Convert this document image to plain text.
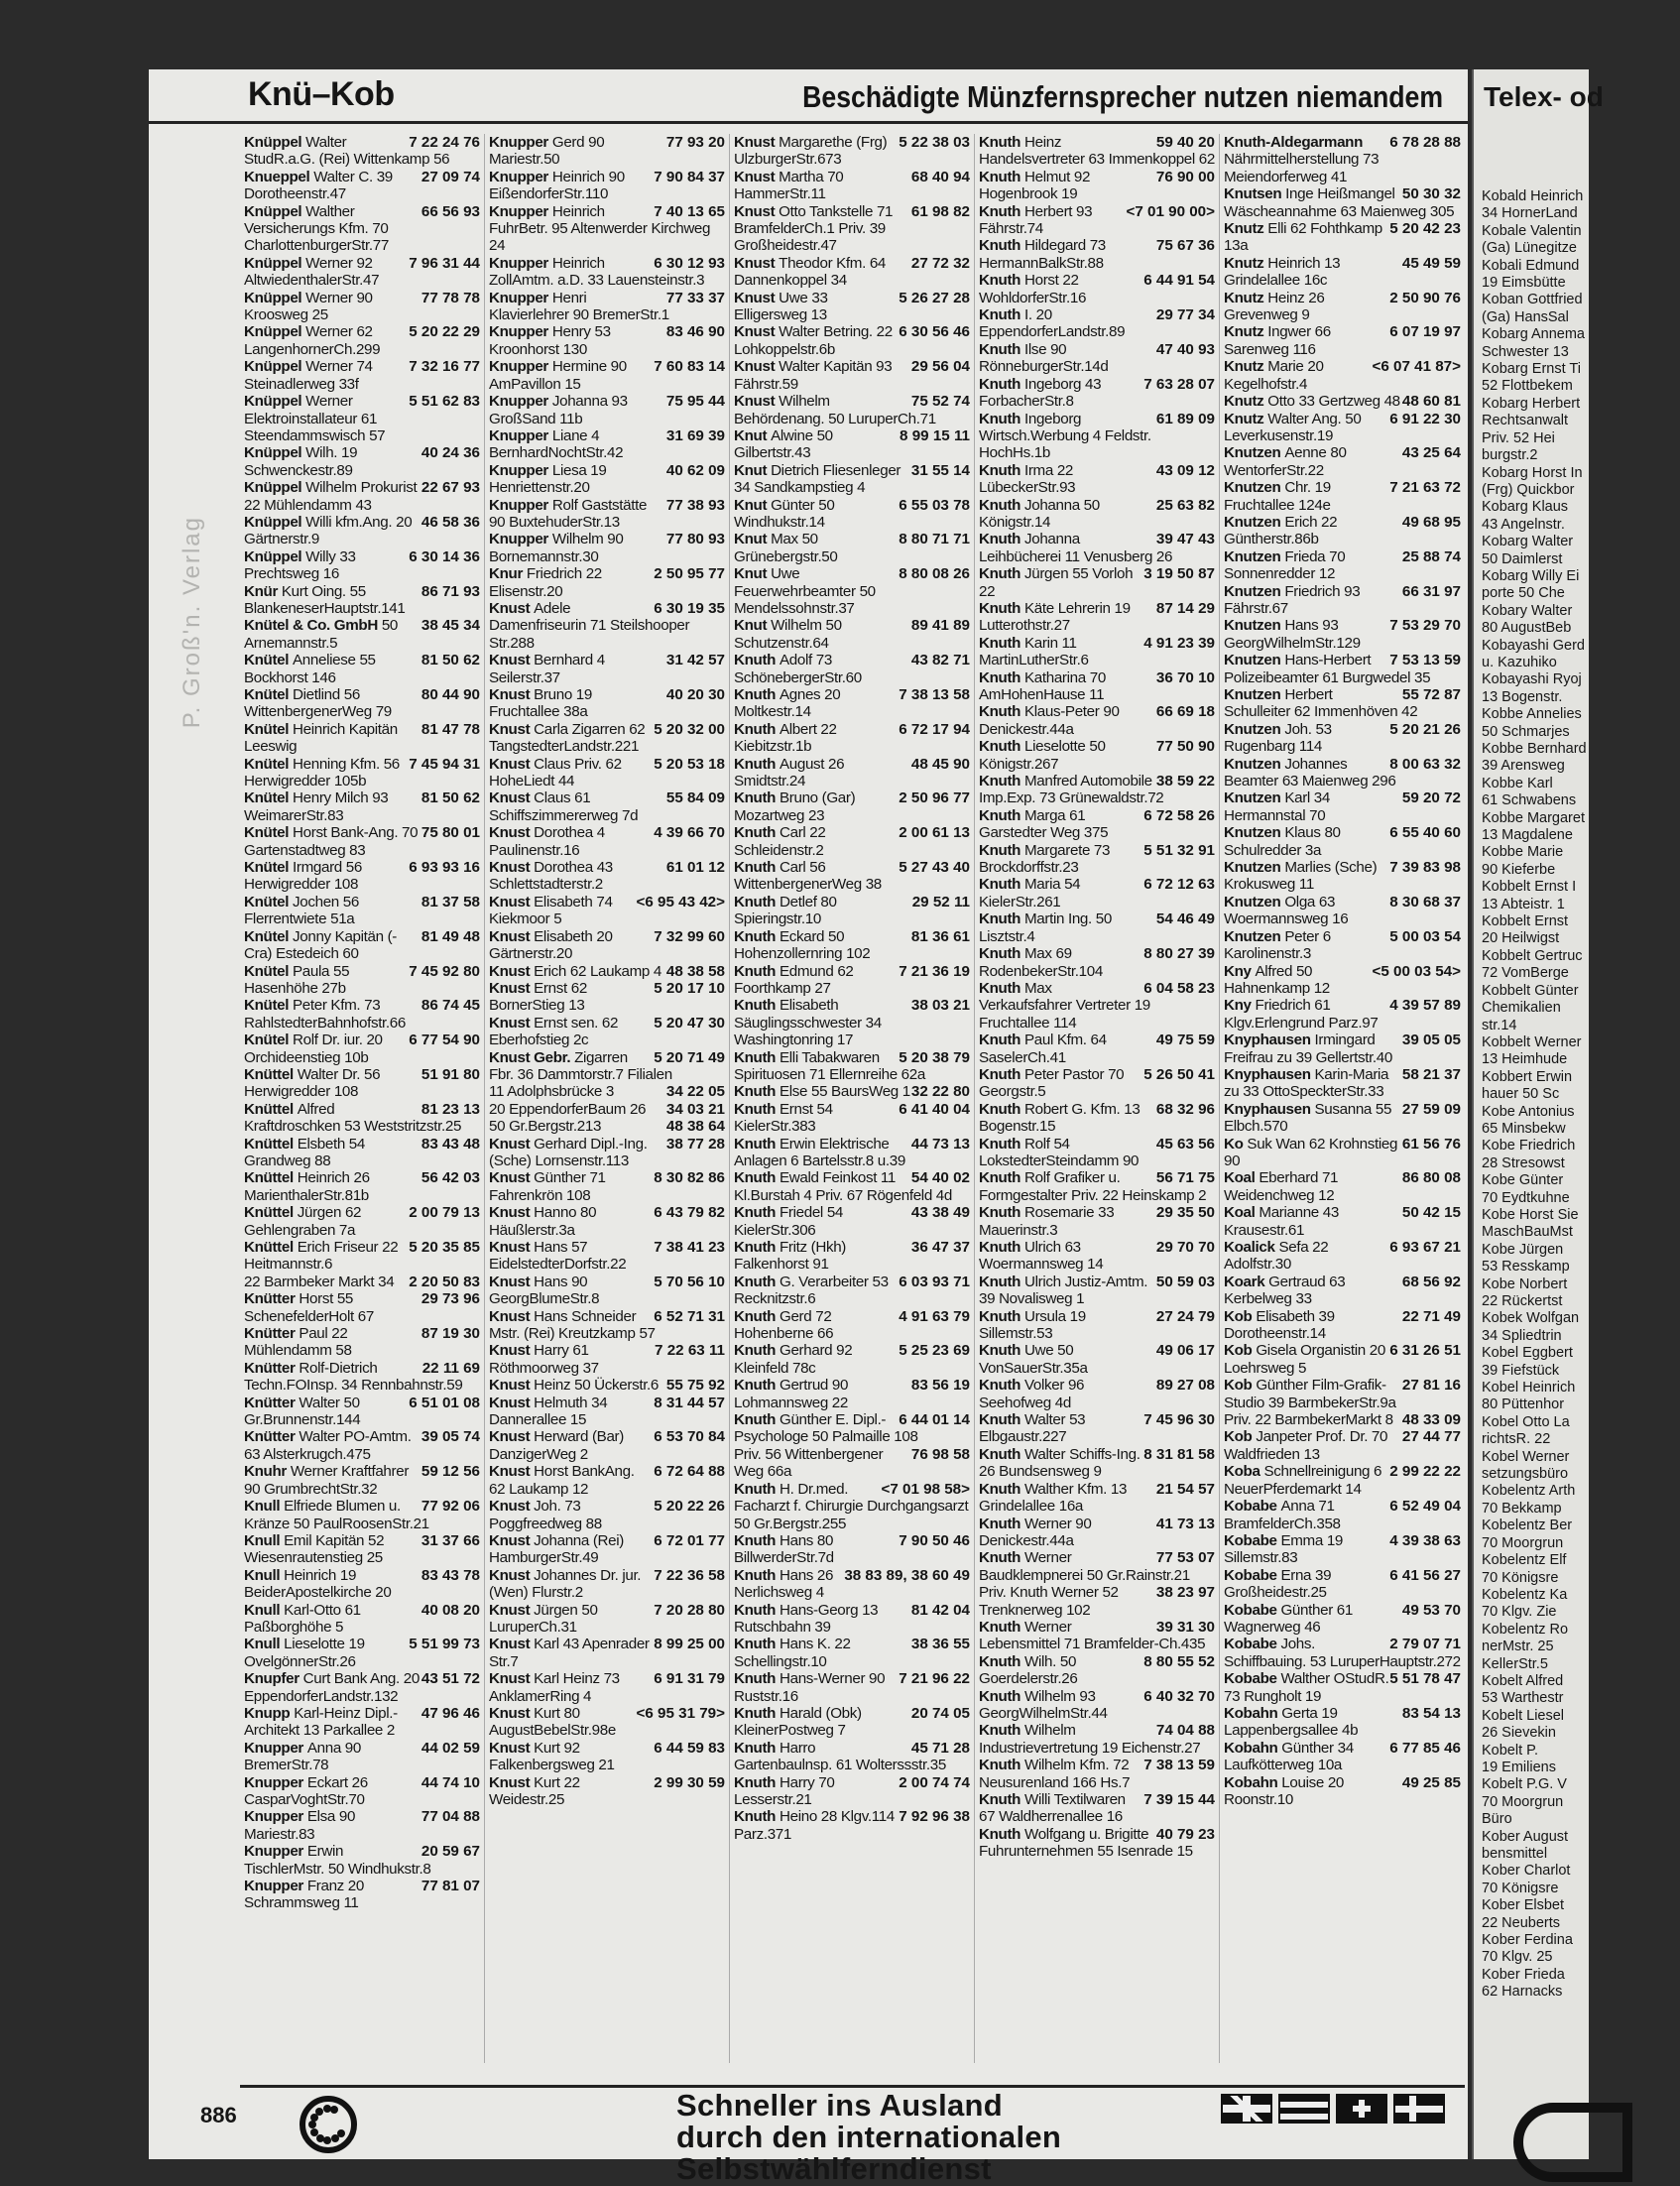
Knü–Kob	Beschädigte Münzfernsprecher nutzen niemandem
P. Groß'n. Verlag
7 22 24 76
Knüppel Walter StudR.a.G. (Rei) Wittenkamp 56
27 09 74
Knueppel Walter C. 39 Dorotheenstr.47
66 56 93
Knüppel Walther Versicherungs Kfm. 70 CharlottenburgerStr.77
7 96 31 44
Knüppel Werner 92 AltwiedenthalerStr.47
77 78 78
Knüppel Werner 90 Kroosweg 25
5 20 22 29
Knüppel Werner 62 LangenhornerCh.299
7 32 16 77
Knüppel Werner 74 Steinadlerweg 33f
5 51 62 83
Knüppel Werner Elektroinstallateur 61 Steendammswisch 57
40 24 36
Knüppel Wilh. 19 Schwenckestr.89
22 67 93
Knüppel Wilhelm Prokurist 22 Mühlendamm 43
46 58 36
Knüppel Willi kfm.Ang. 20 Gärtnerstr.9
6 30 14 36
Knüppel Willy 33 Prechtsweg 16
86 71 93
Knür Kurt Oing. 55 BlankeneserHauptstr.141
38 45 34
Knütel & Co. GmbH 50 Arnemannstr.5
81 50 62
Knütel Anneliese 55 Bockhorst 146
80 44 90
Knütel Dietlind 56 WittenbergenerWeg 79
81 47 78
Knütel Heinrich Kapitän Leeswig
7 45 94 31
Knütel Henning Kfm. 56 Herwigredder 105b
81 50 62
Knütel Henry Milch 93 WeimarerStr.83
75 80 01
Knütel Horst Bank-Ang. 70 Gartenstadtweg 83
6 93 93 16
Knütel Irmgard 56 Herwigredder 108
81 37 58
Knütel Jochen 56 Flerrentwiete 51a
81 49 48
Knütel Jonny Kapitän (-Cra) Estedeich 60
7 45 92 80
Knütel Paula 55 Hasenhöhe 27b
86 74 45
Knütel Peter Kfm. 73 RahlstedterBahnhofstr.66
6 77 54 90
Knütel Rolf Dr. iur. 20 Orchideenstieg 10b
51 91 80
Knüttel Walter Dr. 56 Herwigredder 108
81 23 13
Knüttel Alfred Kraftdroschken 53 Weststritzstr.25
83 43 48
Knüttel Elsbeth 54 Grandweg 88
56 42 03
Knüttel Heinrich 26 MarienthalerStr.81b
2 00 79 13
Knüttel Jürgen 62 Gehlengraben 7a
5 20 35 85
Knüttel Erich Friseur 22 Heitmannstr.6
2 20 50 83
22 Barmbeker Markt 34
29 73 96
Knütter Horst 55 SchenefelderHolt 67
87 19 30
Knütter Paul 22 Mühlendamm 58
22 11 69
Knütter Rolf-Dietrich Techn.FOInsp. 34 Rennbahnstr.59
6 51 01 08
Knütter Walter 50 Gr.Brunnenstr.144
39 05 74
Knütter Walter PO-Amtm. 63 Alsterkrugch.475
59 12 56
Knuhr Werner Kraftfahrer 90 GrumbrechtStr.32
77 92 06
Knull Elfriede Blumen u. Kränze 50 PaulRoosenStr.21
31 37 66
Knull Emil Kapitän 52 Wiesenrautenstieg 25
83 43 78
Knull Heinrich 19 BeiderApostelkirche 20
40 08 20
Knull Karl-Otto 61 Paßborghöhe 5
5 51 99 73
Knull Lieselotte 19 OvelgönnerStr.26
43 51 72
Knupfer Curt Bank Ang. 20 EppendorferLandstr.132
47 96 46
Knupp Karl-Heinz Dipl.-Architekt 13 Parkallee 2
44 02 59
Knupper Anna 90 BremerStr.78
44 74 10
Knupper Eckart 26 CasparVoghtStr.70
77 04 88
Knupper Elsa 90 Mariestr.83
20 59 67
Knupper Erwin TischlerMstr. 50 Windhukstr.8
77 81 07
Knupper Franz 20 Schrammsweg 11
77 93 20
Knupper Gerd 90 Mariestr.50
7 90 84 37
Knupper Heinrich 90 EißendorferStr.110
7 40 13 65
Knupper Heinrich FuhrBetr. 95 Altenwerder Kirchweg 24
6 30 12 93
Knupper Heinrich ZollAmtm. a.D. 33 Lauensteinstr.3
77 33 37
Knupper Henri Klavierlehrer 90 BremerStr.1
83 46 90
Knupper Henry 53 Kroonhorst 130
7 60 83 14
Knupper Hermine 90 AmPavillon 15
75 95 44
Knupper Johanna 93 GroßSand 11b
31 69 39
Knupper Liane 4 BernhardNochtStr.42
40 62 09
Knupper Liesa 19 Henriettenstr.20
77 38 93
Knupper Rolf Gaststätte 90 BuxtehuderStr.13
77 80 93
Knupper Wilhelm 90 Bornemannstr.30
2 50 95 77
Knur Friedrich 22 Elisenstr.20
6 30 19 35
Knust Adele Damenfriseurin 71 Steilshooper Str.288
31 42 57
Knust Bernhard 4 Seilerstr.37
40 20 30
Knust Bruno 19 Fruchtallee 38a
5 20 32 00
Knust Carla Zigarren 62 TangstedterLandstr.221
5 20 53 18
Knust Claus Priv. 62 HoheLiedt 44
55 84 09
Knust Claus 61 Schiffszimmererweg 7d
4 39 66 70
Knust Dorothea 4 Paulinenstr.16
61 01 12
Knust Dorothea 43 Schlettstadterstr.2
<6 95 43 42>
Knust Elisabeth 74 Kiekmoor 5
7 32 99 60
Knust Elisabeth 20 Gärtnerstr.20
48 38 58
Knust Erich 62 Laukamp 4
5 20 17 10
Knust Ernst 62 BornerStieg 13
5 20 47 30
Knust Ernst sen. 62 Eberhofstieg 2c
5 20 71 49
Knust Gebr. Zigarren Fbr. 36 Dammtorstr.7 Filialen
34 22 05
11 Adolphsbrücke 3
34 03 21
20 EppendorferBaum 26
48 38 64
50 Gr.Bergstr.213
38 77 28
Knust Gerhard Dipl.-Ing. (Sche) Lornsenstr.113
8 30 82 86
Knust Günther 71 Fahrenkrön 108
6 43 79 82
Knust Hanno 80 Häußlerstr.3a
7 38 41 23
Knust Hans 57 EidelstedterDorfstr.22
5 70 56 10
Knust Hans 90 GeorgBlumeStr.8
6 52 71 31
Knust Hans Schneider Mstr. (Rei) Kreutzkamp 57
7 22 63 11
Knust Harry 61 Röthmoorweg 37
55 75 92
Knust Heinz 50 Ückerstr.6
8 31 44 57
Knust Helmuth 34 Dannerallee 15
6 53 70 84
Knust Herward (Bar) DanzigerWeg 2
6 72 64 88
Knust Horst BankAng. 62 Laukamp 12
5 20 22 26
Knust Joh. 73 Poggfreedweg 88
6 72 01 77
Knust Johanna (Rei) HamburgerStr.49
7 22 36 58
Knust Johannes Dr. jur. (Wen) Flurstr.2
7 20 28 80
Knust Jürgen 50 LuruperCh.31
8 99 25 00
Knust Karl 43 Apenrader Str.7
6 91 31 79
Knust Karl Heinz 73 AnklamerRing 4
<6 95 31 79>
Knust Kurt 80 AugustBebelStr.98e
6 44 59 83
Knust Kurt 92 Falkenbergsweg 21
2 99 30 59
Knust Kurt 22 Weidestr.25
5 22 38 03
Knust Margarethe (Frg) UlzburgerStr.673
68 40 94
Knust Martha 70 HammerStr.11
61 98 82
Knust Otto Tankstelle 71 BramfelderCh.1 Priv. 39 Großheidestr.47
27 72 32
Knust Theodor Kfm. 64 Dannenkoppel 34
5 26 27 28
Knust Uwe 33 Elligersweg 13
6 30 56 46
Knust Walter Betring. 22 Lohkoppelstr.6b
29 56 04
Knust Walter Kapitän 93 Fährstr.59
75 52 74
Knust Wilhelm Behördenang. 50 LuruperCh.71
8 99 15 11
Knut Alwine 50 Gilbertstr.43
31 55 14
Knut Dietrich Fliesenleger 34 Sandkampstieg 4
6 55 03 78
Knut Günter 50 Windhukstr.14
8 80 71 71
Knut Max 50 Grünebergstr.50
8 80 08 26
Knut Uwe Feuerwehrbeamter 50 Mendelssohnstr.37
89 41 89
Knut Wilhelm 50 Schutzenstr.64
43 82 71
Knuth Adolf 73 SchönebergerStr.60
7 38 13 58
Knuth Agnes 20 Moltkestr.14
6 72 17 94
Knuth Albert 22 Kiebitzstr.1b
48 45 90
Knuth August 26 Smidtstr.24
2 50 96 77
Knuth Bruno (Gar) Mozartweg 23
2 00 61 13
Knuth Carl 22 Schleidenstr.2
5 27 43 40
Knuth Carl 56 WittenbergenerWeg 38
29 52 11
Knuth Detlef 80 Spieringstr.10
81 36 61
Knuth Eckard 50 Hohenzollernring 102
7 21 36 19
Knuth Edmund 62 Foorthkamp 27
38 03 21
Knuth Elisabeth Säuglingsschwester 34 Washingtonring 17
5 20 38 79
Knuth Elli Tabakwaren Spirituosen 71 Ellernreihe 62a
32 22 80
Knuth Else 55 BaursWeg 1
6 41 40 04
Knuth Ernst 54 KielerStr.383
44 73 13
Knuth Erwin Elektrische Anlagen 6 Bartelsstr.8 u.39
54 40 02
Knuth Ewald Feinkost 11 Kl.Burstah 4 Priv. 67 Rögenfeld 4d
43 38 49
Knuth Friedel 54 KielerStr.306
36 47 37
Knuth Fritz (Hkh) Falkenhorst 91
6 03 93 71
Knuth G. Verarbeiter 53 Recknitzstr.6
4 91 63 79
Knuth Gerd 72 Hohenberne 66
5 25 23 69
Knuth Gerhard 92 Kleinfeld 78c
83 56 19
Knuth Gertrud 90 Lohmannsweg 22
6 44 01 14
Knuth Günther E. Dipl.-Psychologe 50 Palmaille 108
76 98 58
Priv. 56 Wittenbergener Weg 66a
<7 01 98 58>
Knuth H. Dr.med. Facharzt f. Chirurgie Durchgangsarzt 50 Gr.Bergstr.255
7 90 50 46
Knuth Hans 80 BillwerderStr.7d
38 83 89, 38 60 49
Knuth Hans 26 Nerlichsweg 4
81 42 04
Knuth Hans-Georg 13 Rutschbahn 39
38 36 55
Knuth Hans K. 22 Schellingstr.10
7 21 96 22
Knuth Hans-Werner 90 Ruststr.16
20 74 05
Knuth Harald (Obk) KleinerPostweg 7
45 71 28
Knuth Harro Gartenbaulnsp. 61 Wolterssstr.35
2 00 74 74
Knuth Harry 70 Lesserstr.21
7 92 96 38
Knuth Heino 28 Klgv.114 Parz.371
59 40 20
Knuth Heinz Handelsvertreter 63 Immenkoppel 62
76 90 00
Knuth Helmut 92 Hogenbrook 19
<7 01 90 00>
Knuth Herbert 93 Fährstr.74
75 67 36
Knuth Hildegard 73 HermannBalkStr.88
6 44 91 54
Knuth Horst 22 WohldorferStr.16
29 77 34
Knuth I. 20 EppendorferLandstr.89
47 40 93
Knuth Ilse 90 RönneburgerStr.14d
7 63 28 07
Knuth Ingeborg 43 ForbacherStr.8
61 89 09
Knuth Ingeborg Wirtsch.Werbung 4 Feldstr. HochHs.1b
43 09 12
Knuth Irma 22 LübeckerStr.93
25 63 82
Knuth Johanna 50 Königstr.14
39 47 43
Knuth Johanna Leihbücherei 11 Venusberg 26
3 19 50 87
Knuth Jürgen 55 Vorloh 22
87 14 29
Knuth Käte Lehrerin 19 Lutterothstr.27
4 91 23 39
Knuth Karin 11 MartinLutherStr.6
36 70 10
Knuth Katharina 70 AmHohenHause 11
66 69 18
Knuth Klaus-Peter 90 Denickestr.44a
77 50 90
Knuth Lieselotte 50 Königstr.267
38 59 22
Knuth Manfred Automobile Imp.Exp. 73 Grünewaldstr.72
6 72 58 26
Knuth Marga 61 Garstedter Weg 375
5 51 32 91
Knuth Margarete 73 Brockdorffstr.23
6 72 12 63
Knuth Maria 54 KielerStr.261
54 46 49
Knuth Martin Ing. 50 Lisztstr.4
8 80 27 39
Knuth Max 69 RodenbekerStr.104
6 04 58 23
Knuth Max Verkaufsfahrer Vertreter 19 Fruchtallee 114
49 75 59
Knuth Paul Kfm. 64 SaselerCh.41
5 26 50 41
Knuth Peter Pastor 70 Georgstr.5
68 32 96
Knuth Robert G. Kfm. 13 Bogenstr.15
45 63 56
Knuth Rolf 54 LokstedterSteindamm 90
56 71 75
Knuth Rolf Grafiker u. Formgestalter Priv. 22 Heinskamp 2
29 35 50
Knuth Rosemarie 33 Mauerinstr.3
29 70 70
Knuth Ulrich 63 Woermannsweg 14
50 59 03
Knuth Ulrich Justiz-Amtm. 39 Novalisweg 1
27 24 79
Knuth Ursula 19 Sillemstr.53
49 06 17
Knuth Uwe 50 VonSauerStr.35a
89 27 08
Knuth Volker 96 Seehofweg 4d
7 45 96 30
Knuth Walter 53 Elbgaustr.227
8 31 81 58
Knuth Walter Schiffs-Ing. 26 Bundsensweg 9
21 54 57
Knuth Walther Kfm. 13 Grindelallee 16a
41 73 13
Knuth Werner 90 Denickestr.44a
77 53 07
Knuth Werner Baudklempnerei 50 Gr.Rainstr.21
38 23 97
Priv. Knuth Werner 52 Trenknerweg 102
39 31 30
Knuth Werner Lebensmittel 71 Bramfelder-Ch.435
8 80 55 52
Knuth Wilh. 50 Goerdelerstr.26
6 40 32 70
Knuth Wilhelm 93 GeorgWilhelmStr.44
74 04 88
Knuth Wilhelm Industrievertretung 19 Eichenstr.27
7 38 13 59
Knuth Wilhelm Kfm. 72 Neusurenland 166 Hs.7
7 39 15 44
Knuth Willi Textilwaren 67 Waldherrenallee 16
40 79 23
Knuth Wolfgang u. Brigitte Fuhrunternehmen 55 Isenrade 15
6 78 28 88
Knuth-Aldegarmann Nährmittelherstellung 73 Meiendorferweg 41
50 30 32
Knutsen Inge Heißmangel Wäscheannahme 63 Maienweg 305
5 20 42 23
Knutz Elli 62 Fohthkamp 13a
45 49 59
Knutz Heinrich 13 Grindelallee 16c
2 50 90 76
Knutz Heinz 26 Grevenweg 9
6 07 19 97
Knutz Ingwer 66 Sarenweg 116
<6 07 41 87>
Knutz Marie 20 Kegelhofstr.4
48 60 81
Knutz Otto 33 Gertzweg 48
6 91 22 30
Knutz Walter Ang. 50 Leverkusenstr.19
43 25 64
Knutzen Aenne 80 WentorferStr.22
7 21 63 72
Knutzen Chr. 19 Fruchtallee 124e
49 68 95
Knutzen Erich 22 Güntherstr.86b
25 88 74
Knutzen Frieda 70 Sonnenredder 12
66 31 97
Knutzen Friedrich 93 Fährstr.67
7 53 29 70
Knutzen Hans 93 GeorgWilhelmStr.129
7 53 13 59
Knutzen Hans-Herbert Polizeibeamter 61 Burgwedel 35
55 72 87
Knutzen Herbert Schulleiter 62 Immenhöven 42
5 20 21 26
Knutzen Joh. 53 Rugenbarg 114
8 00 63 32
Knutzen Johannes Beamter 63 Maienweg 296
59 20 72
Knutzen Karl 34 Hermannstal 70
6 55 40 60
Knutzen Klaus 80 Schulredder 3a
7 39 83 98
Knutzen Marlies (Sche) Krokusweg 11
8 30 68 37
Knutzen Olga 63 Woermannsweg 16
5 00 03 54
Knutzen Peter 6 Karolinenstr.3
<5 00 03 54>
Kny Alfred 50 Hahnenkamp 12
4 39 57 89
Kny Friedrich 61 Klgv.Erlengrund Parz.97
39 05 05
Knyphausen Irmingard Freifrau zu 39 Gellertstr.40
58 21 37
Knyphausen Karin-Maria zu 33 OttoSpeckterStr.33
27 59 09
Knyphausen Susanna 55 Elbch.570
61 56 76
Ko Suk Wan 62 Krohnstieg 90
86 80 08
Koal Eberhard 71 Weidenchweg 12
50 42 15
Koal Marianne 43 Krausestr.61
6 93 67 21
Koalick Sefa 22 Adolfstr.30
68 56 92
Koark Gertraud 63 Kerbelweg 33
22 71 49
Kob Elisabeth 39 Dorotheenstr.14
6 31 26 51
Kob Gisela Organistin 20 Loehrsweg 5
27 81 16
Kob Günther Film-Grafik-Studio 39 BarmbekerStr.9a
48 33 09
Priv. 22 BarmbekerMarkt 8
27 44 77
Kob Janpeter Prof. Dr. 70 Waldfrieden 13
2 99 22 22
Koba Schnellreinigung 6 NeuerPferdemarkt 14
6 52 49 04
Kobabe Anna 71 BramfelderCh.358
4 39 38 63
Kobabe Emma 19 Sillemstr.83
6 41 56 27
Kobabe Erna 39 Großheidestr.25
49 53 70
Kobabe Günther 61 Wagnerweg 46
2 79 07 71
Kobabe Johs. Schiffbauing. 53 LuruperHauptstr.272
5 51 78 47
Kobabe Walther OStudR. 73 Rungholt 19
83 54 13
Kobahn Gerta 19 Lappenbergsallee 4b
6 77 85 46
Kobahn Günther 34 Laufkötterweg 10a
49 25 85
Kobahn Louise 20 Roonstr.10
886	Schneller ins Ausland
durch den internationalen
Selbstwählferndienst
Telex- od
Kobald Heinrich
34 HornerLand
Kobale Valentin
(Ga) Lünegitze
Kobali Edmund
19 Eimsbütte
Koban Gottfried
(Ga) HansSal
Kobarg Annema
Schwester 13
Kobarg Ernst Ti
52 Flottbekem
Kobarg Herbert
Rechtsanwalt
Priv. 52 Hei
burgstr.2
Kobarg Horst In
(Frg) Quickbor
Kobarg Klaus
43 Angelnstr.
Kobarg Walter
50 Daimlerst
Kobarg Willy Ei
porte 50 Che
Kobary Walter
80 AugustBeb
Kobayashi Gerd
u. Kazuhiko
Kobayashi Ryoj
13 Bogenstr.
Kobbe Annelies
50 Schmarjes
Kobbe Bernhard
39 Arensweg
Kobbe Karl
61 Schwabens
Kobbe Margaret
13 Magdalene
Kobbe Marie
90 Kieferbe
Kobbelt Ernst I
13 Abteistr. 1
Kobbelt Ernst
20 Heilwigst
Kobbelt Gertruc
72 VomBerge
Kobbelt Günter
Chemikalien
str.14
Kobbelt Werner
13 Heimhude
Kobbert Erwin
hauer 50 Sc
Kobe Antonius
65 Minsbekw
Kobe Friedrich
28 Stresowst
Kobe Günter
70 Eydtkuhne
Kobe Horst Sie
MaschBauMst
Kobe Jürgen
53 Resskamp
Kobe Norbert
22 Rückertst
Kobek Wolfgan
34 Spliedtrin
Kobel Eggbert
39 Fiefstück
Kobel Heinrich
80 Püttenhor
Kobel Otto La
richtsR. 22
Kobel Werner
setzungsbüro
Kobelentz Arth
70 Bekkamp
Kobelentz Ber
70 Moorgrun
Kobelentz Elf
70 Königsre
Kobelentz Ka
70 Klgv. Zie
Kobelentz Ro
nerMstr. 25
KellerStr.5
Kobelt Alfred
53 Warthestr
Kobelt Liesel
26 Sievekin
Kobelt P.
19 Emiliens
Kobelt P.G. V
70 Moorgrun
Büro
Kober August
bensmittel
Kober Charlot
70 Königsre
Kober Elsbet
22 Neuberts
Kober Ferdina
70 Klgv. 25
Kober Frieda
62 Harnacks
